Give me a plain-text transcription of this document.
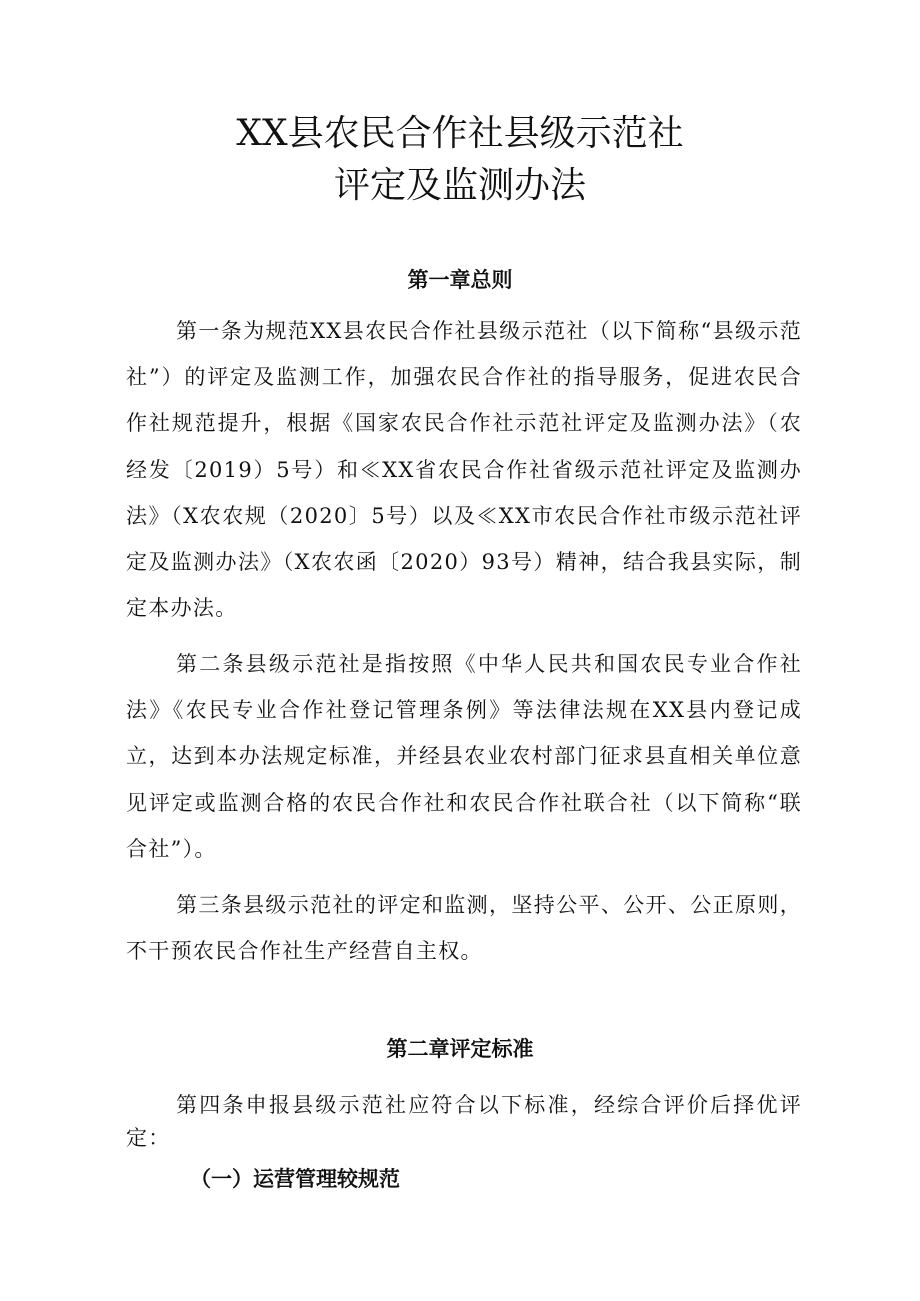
XX县农民合作社县级示范社
评定及监测办法
第一章总则

第一条为规范XX县农民合作社县级示范社（以下简称“县级示范社”）的评定及监测工作，加强农民合作社的指导服务，促进农民合作社规范提升，根据《国家农民合作社示范社评定及监测办法》（农经发〔2019）5号）和≪XX省农民合作社省级示范社评定及监测办法》（X农农规（2020〕5号）以及≪XX市农民合作社市级示范社评定及监测办法》（X农农函〔2020）93号）精神，结合我县实际，制定本办法。

第二条县级示范社是指按照《中华人民共和国农民专业合作社法》《农民专业合作社登记管理条例》等法律法规在XX县内登记成立，达到本办法规定标准，并经县农业农村部门征求县直相关单位意见评定或监测合格的农民合作社和农民合作社联合社（以下简称“联合社”）。

第三条县级示范社的评定和监测，坚持公平、公开、公正原则，不干预农民合作社生产经营自主权。

第二章评定标准

第四条申报县级示范社应符合以下标准，经综合评价后择优评定：

（一）运营管理较规范
